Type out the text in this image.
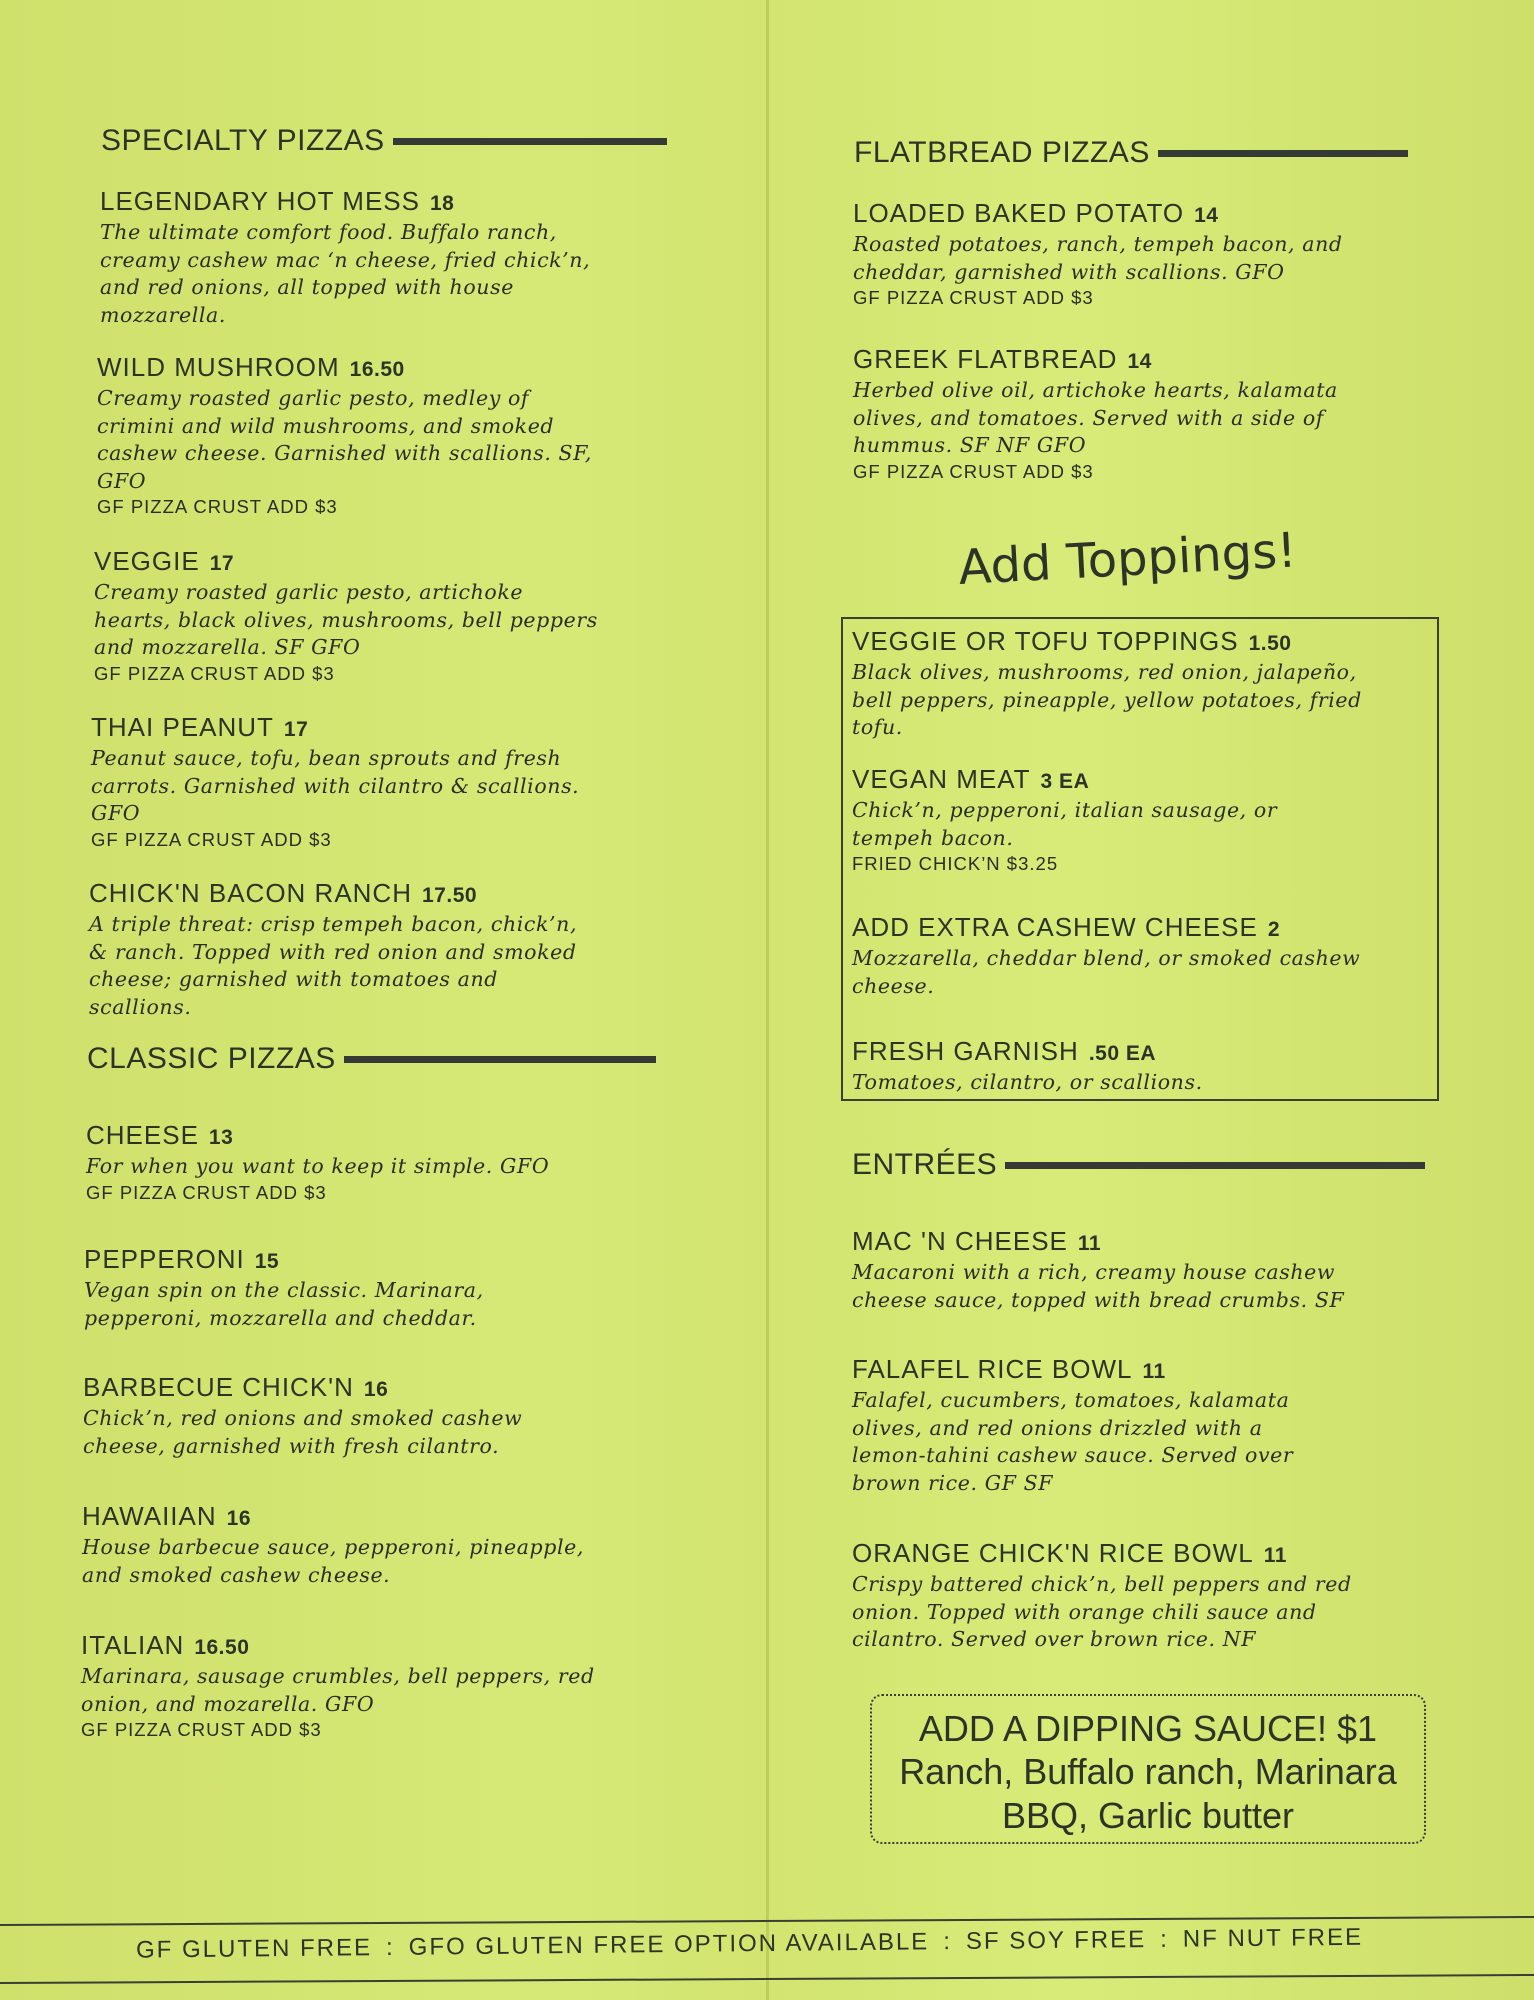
SPECIALTY PIZZAS
LEGENDARY HOT MESS 18
The ultimate comfort food. Buffalo ranch,
creamy cashew mac ‘n cheese, fried chick’n,
and red onions, all topped with house
mozzarella.
WILD MUSHROOM 16.50
Creamy roasted garlic pesto, medley of
crimini and wild mushrooms, and smoked
cashew cheese. Garnished with scallions. SF,
GFO
GF PIZZA CRUST ADD $3
VEGGIE 17
Creamy roasted garlic pesto, artichoke
hearts, black olives, mushrooms, bell peppers
and mozzarella. SF GFO
GF PIZZA CRUST ADD $3
THAI PEANUT 17
Peanut sauce, tofu, bean sprouts and fresh
carrots. Garnished with cilantro & scallions.
GFO
GF PIZZA CRUST ADD $3
CHICK'N BACON RANCH 17.50
A triple threat: crisp tempeh bacon, chick’n,
& ranch. Topped with red onion and smoked
cheese; garnished with tomatoes and
scallions.
CLASSIC PIZZAS
CHEESE 13
For when you want to keep it simple. GFO
GF PIZZA CRUST ADD $3
PEPPERONI 15
Vegan spin on the classic. Marinara,
pepperoni, mozzarella and cheddar.
BARBECUE CHICK'N 16
Chick’n, red onions and smoked cashew
cheese, garnished with fresh cilantro.
HAWAIIAN 16
House barbecue sauce, pepperoni, pineapple,
and smoked cashew cheese.
ITALIAN 16.50
Marinara, sausage crumbles, bell peppers, red
onion, and mozarella. GFO
GF PIZZA CRUST ADD $3
FLATBREAD PIZZAS
LOADED BAKED POTATO 14
Roasted potatoes, ranch, tempeh bacon, and
cheddar, garnished with scallions. GFO
GF PIZZA CRUST ADD $3
GREEK FLATBREAD 14
Herbed olive oil, artichoke hearts, kalamata
olives, and tomatoes. Served with a side of
hummus. SF NF GFO
GF PIZZA CRUST ADD $3
Add Toppings!
VEGGIE OR TOFU TOPPINGS 1.50
Black olives, mushrooms, red onion, jalapeño,
bell peppers, pineapple, yellow potatoes, fried
tofu.
VEGAN MEAT 3 EA
Chick’n, pepperoni, italian sausage, or
tempeh bacon.
FRIED CHICK’N $3.25
ADD EXTRA CASHEW CHEESE 2
Mozzarella, cheddar blend, or smoked cashew
cheese.
FRESH GARNISH .50 EA
Tomatoes, cilantro, or scallions.
ENTRÉES
MAC 'N CHEESE 11
Macaroni with a rich, creamy house cashew
cheese sauce, topped with bread crumbs. SF
FALAFEL RICE BOWL 11
Falafel, cucumbers, tomatoes, kalamata
olives, and red onions drizzled with a
lemon-tahini cashew sauce. Served over
brown rice. GF SF
ORANGE CHICK'N RICE BOWL 11
Crispy battered chick’n, bell peppers and red
onion. Topped with orange chili sauce and
cilantro. Served over brown rice. NF
ADD A DIPPING SAUCE! $1
Ranch, Buffalo ranch, Marinara
BBQ, Garlic butter
GF GLUTEN FREE : GFO GLUTEN FREE OPTION AVAILABLE : SF SOY FREE : NF NUT FREE
